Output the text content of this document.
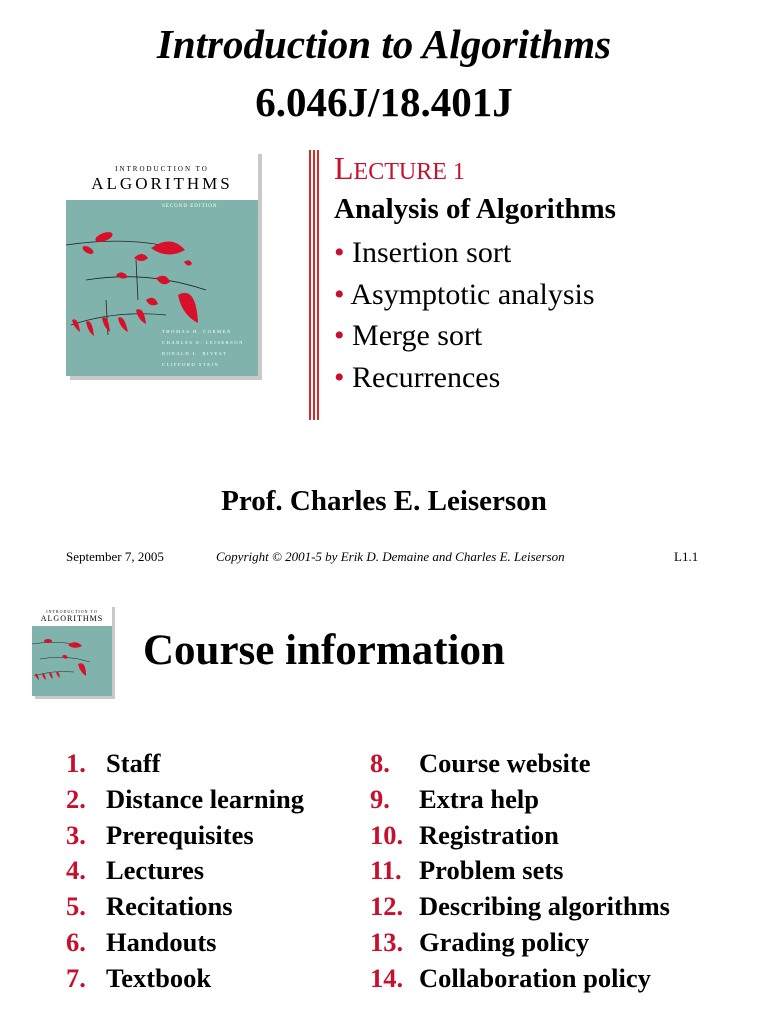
Introduction to Algorithms
6.046J/18.401J
INTRODUCTION TO
ALGORITHMS
SECOND EDITION
THOMAS H. CORMEN
CHARLES E. LEISERSON
RONALD L. RIVEST
CLIFFORD STEIN
LECTURE 1
Analysis of Algorithms
• Insertion sort
• Asymptotic analysis
• Merge sort
• Recurrences
Prof. Charles E. Leiserson
September 7, 2005	Copyright © 2001-5 by Erik D. Demaine and Charles E. Leiserson	L1.1
INTRODUCTION TO
ALGORITHMS
Course information
1. Staff
2. Distance learning
3. Prerequisites
4. Lectures
5. Recitations
6. Handouts
7. Textbook
8. Course website
9. Extra help
10. Registration
11. Problem sets
12. Describing algorithms
13. Grading policy
14. Collaboration policy
